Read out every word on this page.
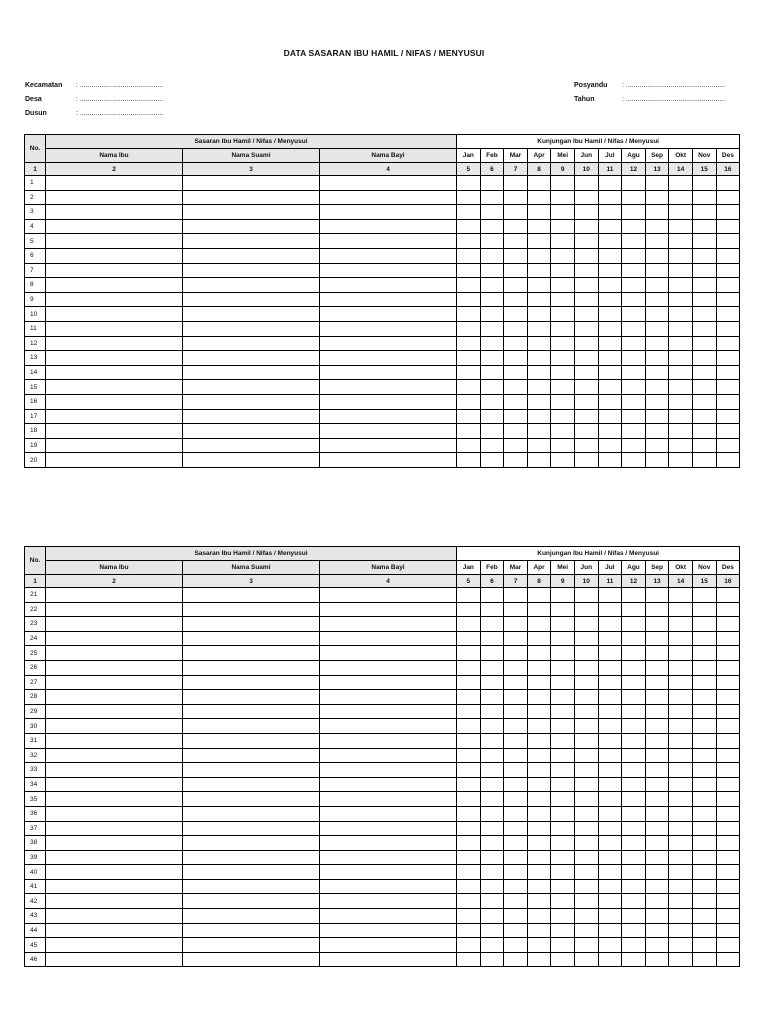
DATA SASARAN IBU HAMIL / NIFAS / MENYUSUI
Kecamatan	: ...........................................
Desa	: ...........................................
Dusun	: ...........................................
Posyandu	: ...................................................
Tahun	: ...................................................
No.	Sasaran Ibu Hamil / Nifas / Menyusui			Kunjungan Ibu Hamil / Nifas / Menyusui											
	Nama Ibu	Nama Suami	Nama Bayi	Jan	Feb	Mar	Apr	Mei	Jun	Jul	Agu	Sep	Okt	Nov	Des
1	2	3	4	5	6	7	8	9	10	11	12	13	14	15	16
1															
2															
3															
4															
5															
6															
7															
8															
9															
10															
11															
12															
13															
14															
15															
16															
17															
18															
19															
20															
No.	Sasaran Ibu Hamil / Nifas / Menyusui			Kunjungan Ibu Hamil / Nifas / Menyusui											
	Nama Ibu	Nama Suami	Nama Bayi	Jan	Feb	Mar	Apr	Mei	Jun	Jul	Agu	Sep	Okt	Nov	Des
1	2	3	4	5	6	7	8	9	10	11	12	13	14	15	16
21															
22															
23															
24															
25															
26															
27															
28															
29															
30															
31															
32															
33															
34															
35															
36															
37															
38															
39															
40															
41															
42															
43															
44															
45															
46															
